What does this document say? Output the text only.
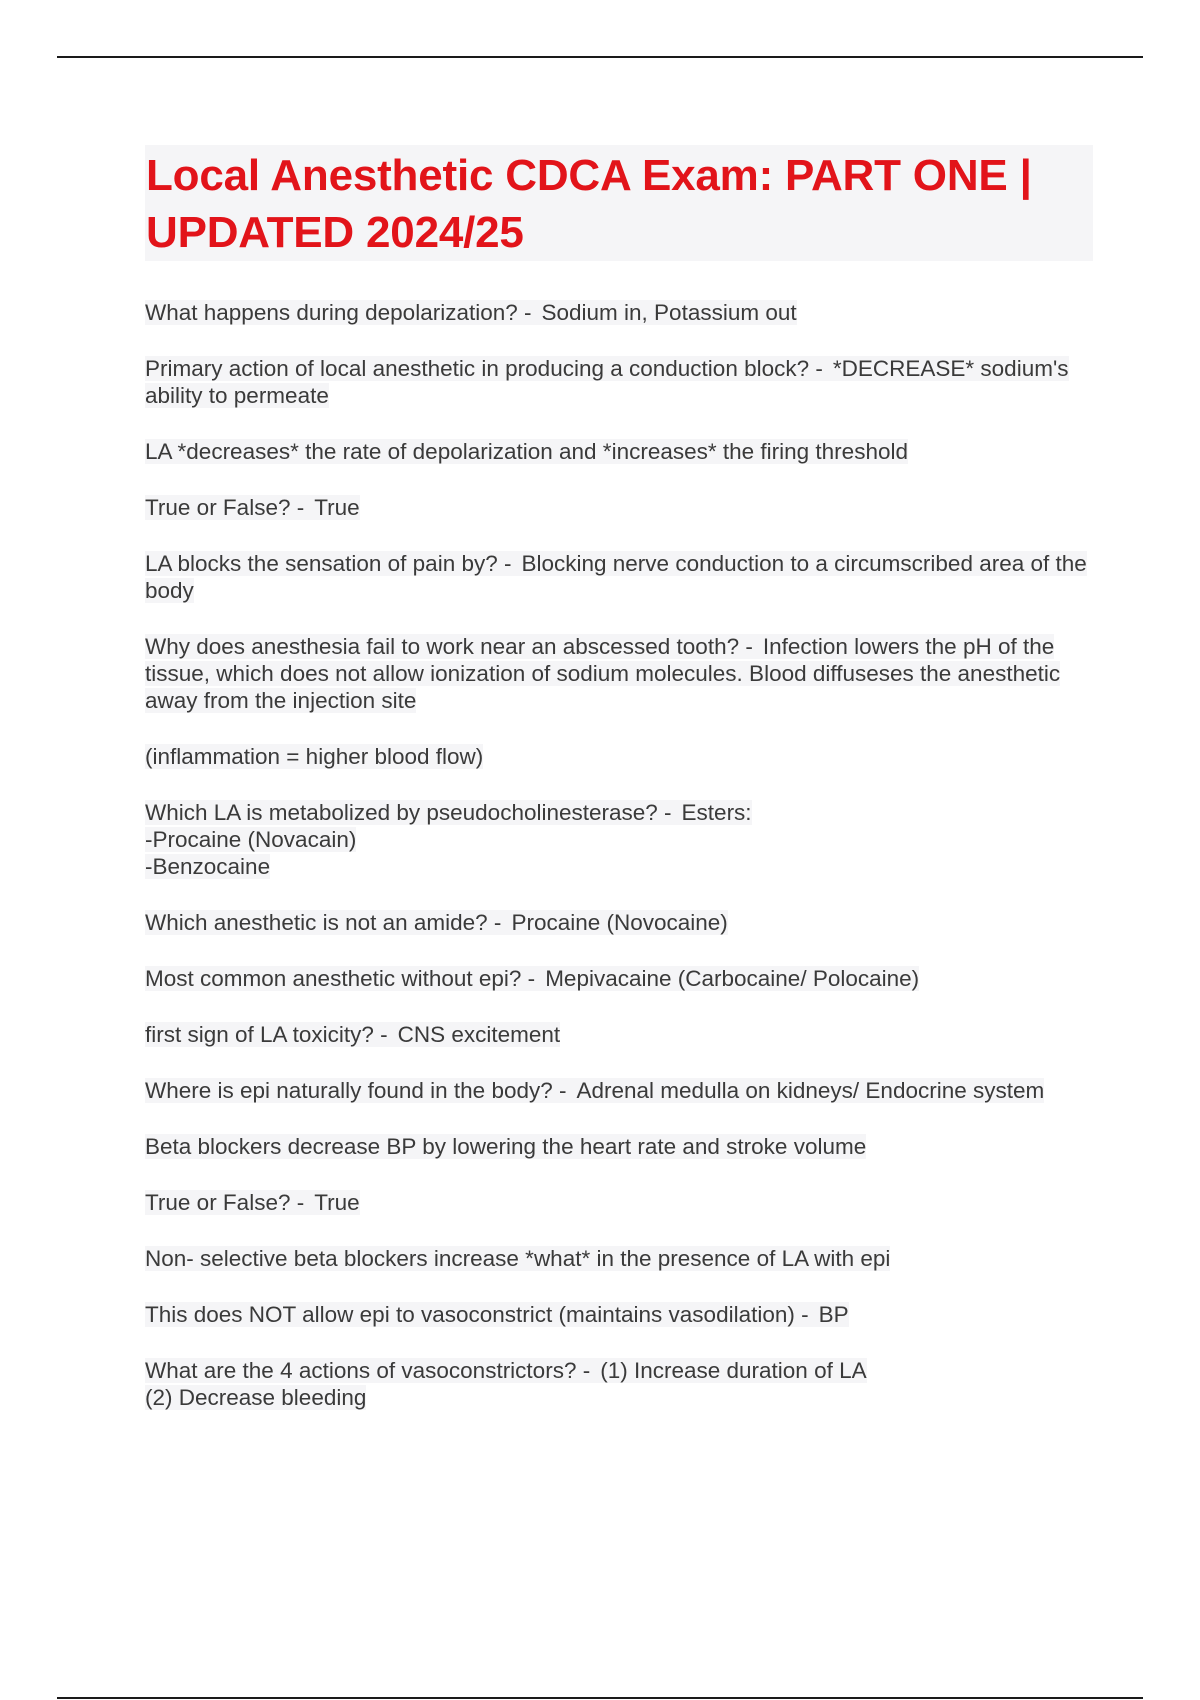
Local Anesthetic CDCA Exam: PART ONE | UPDATED 2024/25

What happens during depolarization? - Sodium in, Potassium out

Primary action of local anesthetic in producing a conduction block? - *DECREASE* sodium's ability to permeate

LA *decreases* the rate of depolarization and *increases* the firing threshold

True or False? - True

LA blocks the sensation of pain by? - Blocking nerve conduction to a circumscribed area of the body

Why does anesthesia fail to work near an abscessed tooth? - Infection lowers the pH of the tissue, which does not allow ionization of sodium molecules. Blood diffuseses the anesthetic away from the injection site

(inflammation = higher blood flow)

Which LA is metabolized by pseudocholinesterase? - Esters:
-Procaine (Novacain)
-Benzocaine

Which anesthetic is not an amide? - Procaine (Novocaine)

Most common anesthetic without epi? - Mepivacaine (Carbocaine/ Polocaine)

first sign of LA toxicity? - CNS excitement

Where is epi naturally found in the body? - Adrenal medulla on kidneys/ Endocrine system

Beta blockers decrease BP by lowering the heart rate and stroke volume

True or False? - True

Non- selective beta blockers increase *what* in the presence of LA with epi

This does NOT allow epi to vasoconstrict (maintains vasodilation) - BP

What are the 4 actions of vasoconstrictors? - (1) Increase duration of LA
(2) Decrease bleeding
